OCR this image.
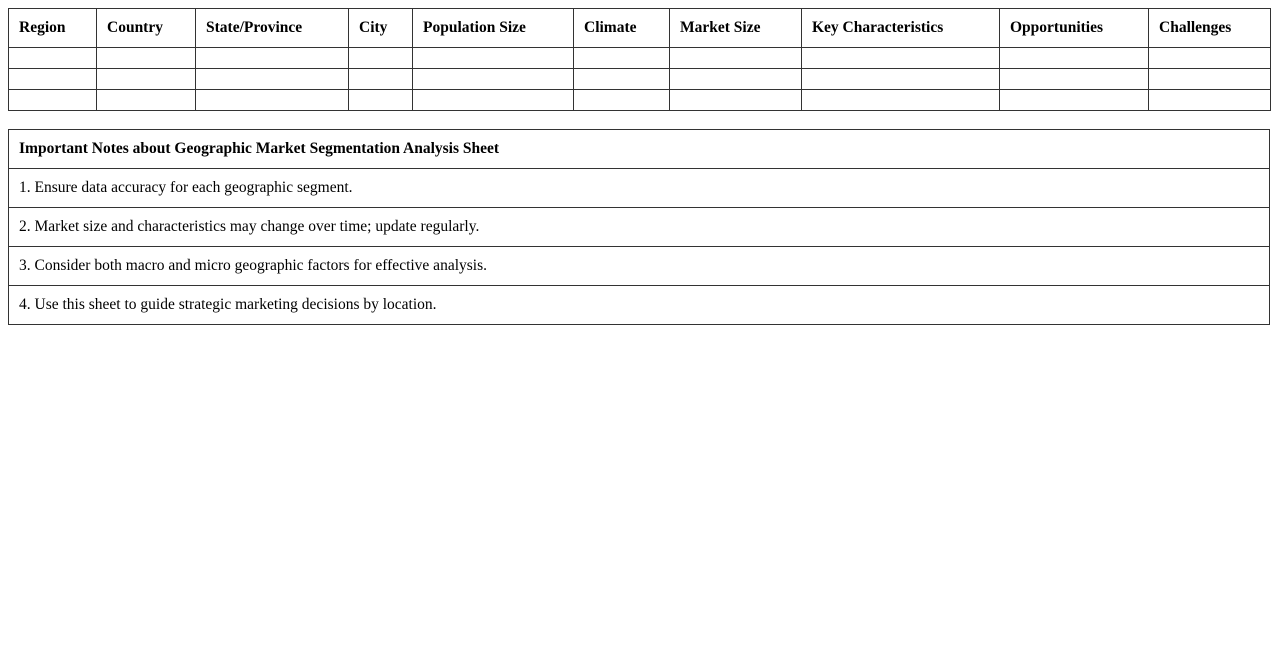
Region	Country	State/Province	City	Population Size	Climate	Market Size	Key Characteristics	Opportunities	Challenges

Important Notes about Geographic Market Segmentation Analysis Sheet
1. Ensure data accuracy for each geographic segment.
2. Market size and characteristics may change over time; update regularly.
3. Consider both macro and micro geographic factors for effective analysis.
4. Use this sheet to guide strategic marketing decisions by location.
